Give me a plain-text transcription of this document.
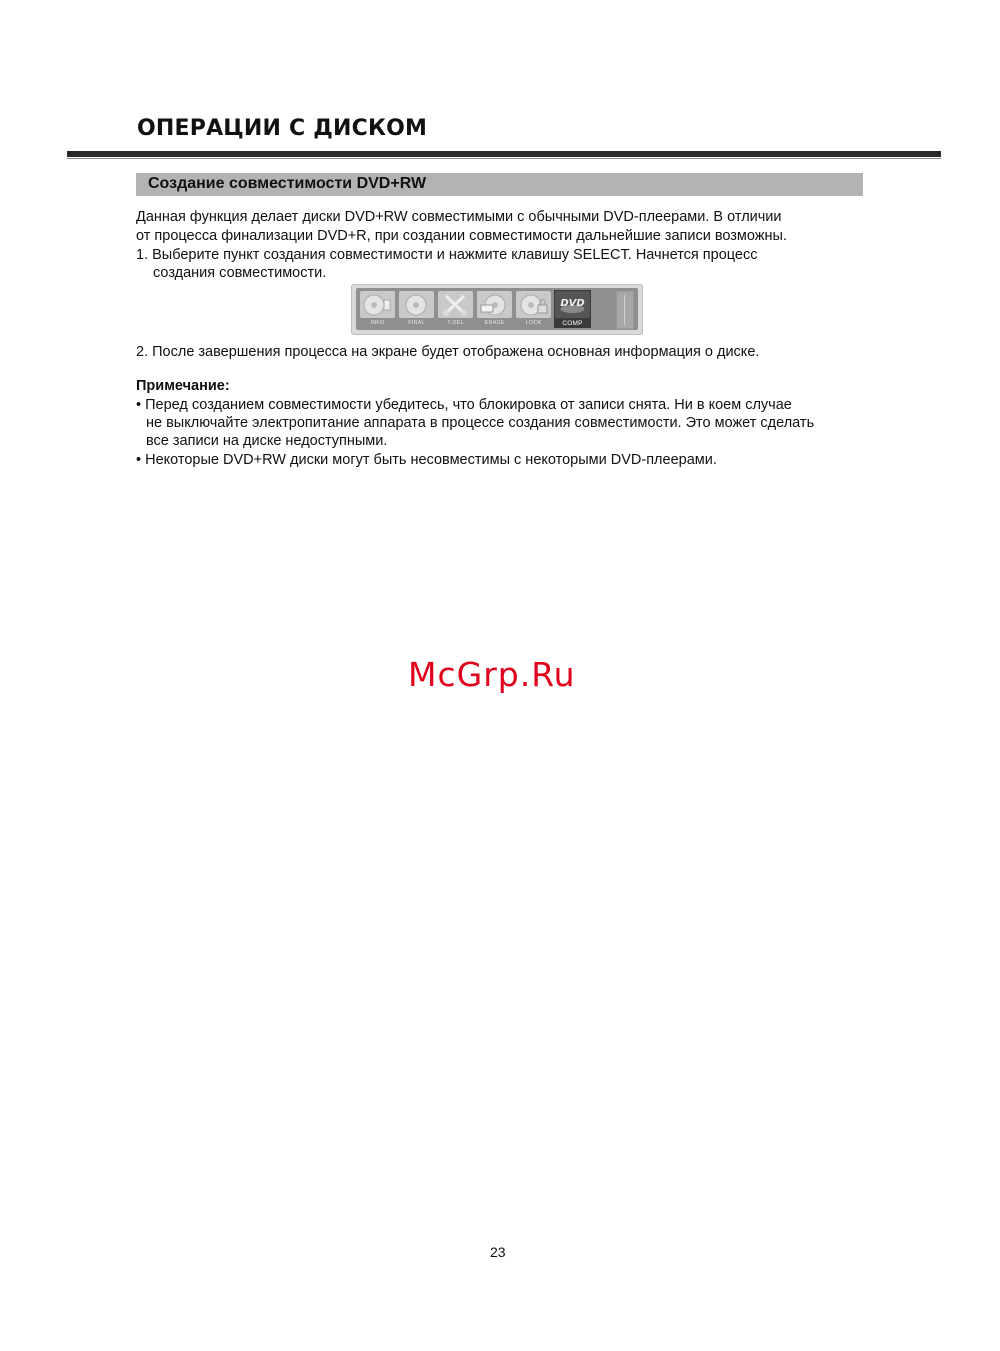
ОПЕРАЦИИ С ДИСКОМ
Создание совместимости DVD+RW
Данная функция делает диски DVD+RW совместимыми с обычными DVD-плеерами. В отличии
от процесса финализации DVD+R, при создании совместимости дальнейшие записи возможны.
1. Выберите пункт создания совместимости и нажмите клавишу SELECT. Начнется процесс
создания совместимости.
INFO	FINAL	T-DEL	ERASE	LOCK
DVD
COMP
2. После завершения процесса на экране будет отображена основная информация о диске.
Примечание:
• Перед созданием совместимости убедитесь, что блокировка от записи снята. Ни в коем случае
не выключайте электропитание аппарата в процессе создания совместимости. Это может сделать
все записи на диске недоступными.
• Некоторые DVD+RW диски могут быть несовместимы с некоторыми DVD-плеерами.
McGrp.Ru
23
